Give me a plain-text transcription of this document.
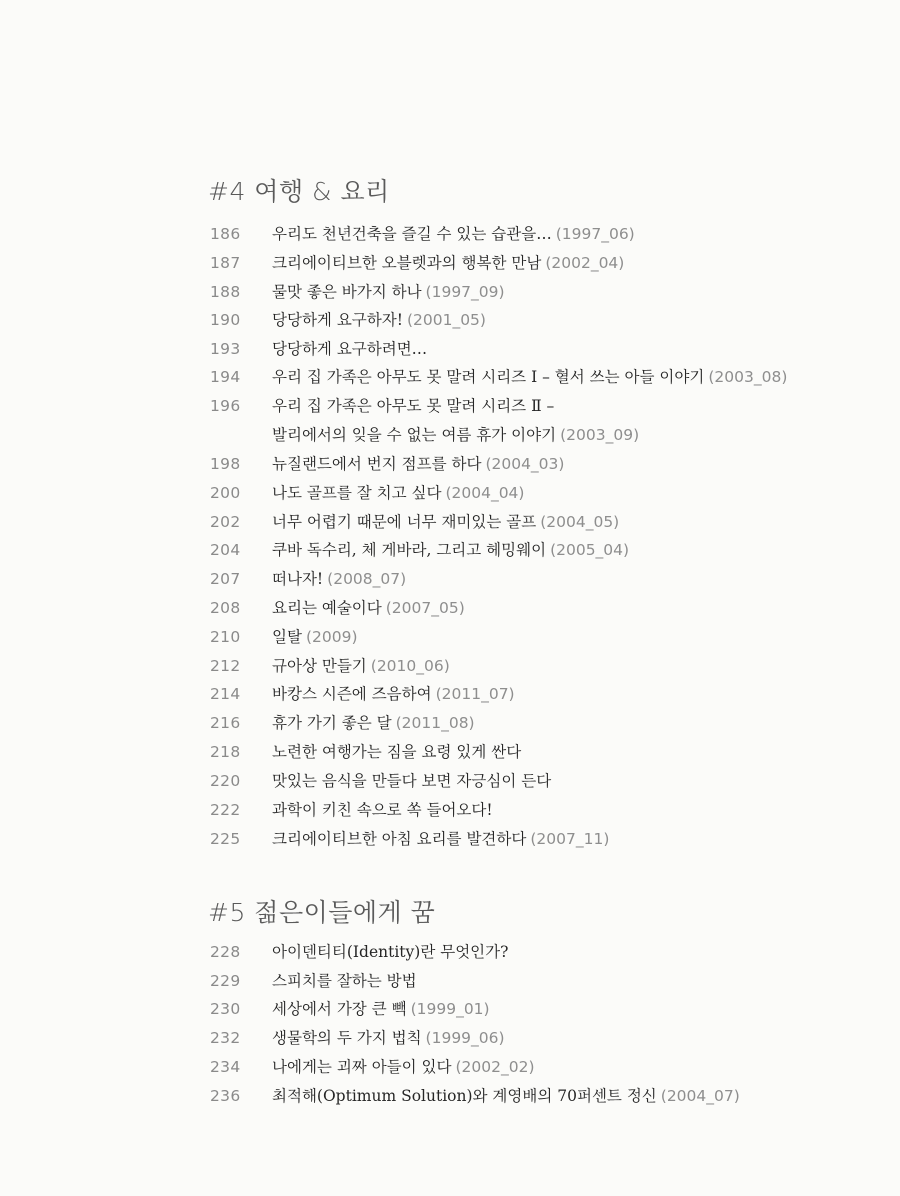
#4 여행 & 요리
186 우리도 천년건축을 즐길 수 있는 습관을… (1997_06)
187 크리에이티브한 오블렛과의 행복한 만남 (2002_04)
188 물맛 좋은 바가지 하나 (1997_09)
190 당당하게 요구하자! (2001_05)
193 당당하게 요구하려면…
194 우리 집 가족은 아무도 못 말려 시리즈 Ⅰ – 혈서 쓰는 아들 이야기 (2003_08)
196 우리 집 가족은 아무도 못 말려 시리즈 Ⅱ –
발리에서의 잊을 수 없는 여름 휴가 이야기 (2003_09)
198 뉴질랜드에서 번지 점프를 하다 (2004_03)
200 나도 골프를 잘 치고 싶다 (2004_04)
202 너무 어렵기 때문에 너무 재미있는 골프 (2004_05)
204 쿠바 독수리, 체 게바라, 그리고 헤밍웨이 (2005_04)
207 떠나자! (2008_07)
208 요리는 예술이다 (2007_05)
210 일탈 (2009)
212 규아상 만들기 (2010_06)
214 바캉스 시즌에 즈음하여 (2011_07)
216 휴가 가기 좋은 달 (2011_08)
218 노련한 여행가는 짐을 요령 있게 싼다
220 맛있는 음식을 만들다 보면 자긍심이 든다
222 과학이 키친 속으로 쏙 들어오다!
225 크리에이티브한 아침 요리를 발견하다 (2007_11)
#5 젊은이들에게 꿈
228 아이덴티티(Identity)란 무엇인가?
229 스피치를 잘하는 방법
230 세상에서 가장 큰 빽 (1999_01)
232 생물학의 두 가지 법칙 (1999_06)
234 나에게는 괴짜 아들이 있다 (2002_02)
236 최적해(Optimum Solution)와 계영배의 70퍼센트 정신 (2004_07)
